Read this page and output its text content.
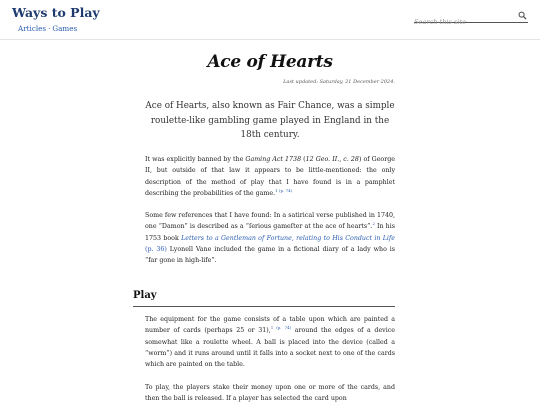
Ways to Play
Articles · Games
Search this site
Ace of Hearts
Last updated: Saturday, 21 December 2024.

Ace of Hearts, also known as Fair Chance, was a simple roulette-like gambling game played in England in the 18th century.

It was explicitly banned by the Gaming Act 1738 (12 Geo. II., c. 28) of George II, but outside of that law it appears to be little-mentioned: the only description of the method of play that I have found is in a pamphlet describing the probabilities of the game.$^{1 (p. 74)}$

Some few references that I have found: In a satirical verse published in 1740, one “Damon” is described as a “ſerious gameſter at the ace of hearts”.$^2$ In his 1753 book Letters to a Gentleman of Fortune, relating to His Conduct in Life (p. 36) Lyonell Vane included the game in a fictional diary of a lady who is “far gone in high-life”.

Play

The equipment for the game consists of a table upon which are painted a number of cards (perhaps 25 or 31),$^{1 (p. 74)}$ around the edges of a device somewhat like a roulette wheel. A ball is placed into the device (called a “worm”) and it runs around until it falls into a socket next to one of the cards which are painted on the table.

To play, the players stake their money upon one or more of the cards, and then the ball is released. If a player has selected the card upon
